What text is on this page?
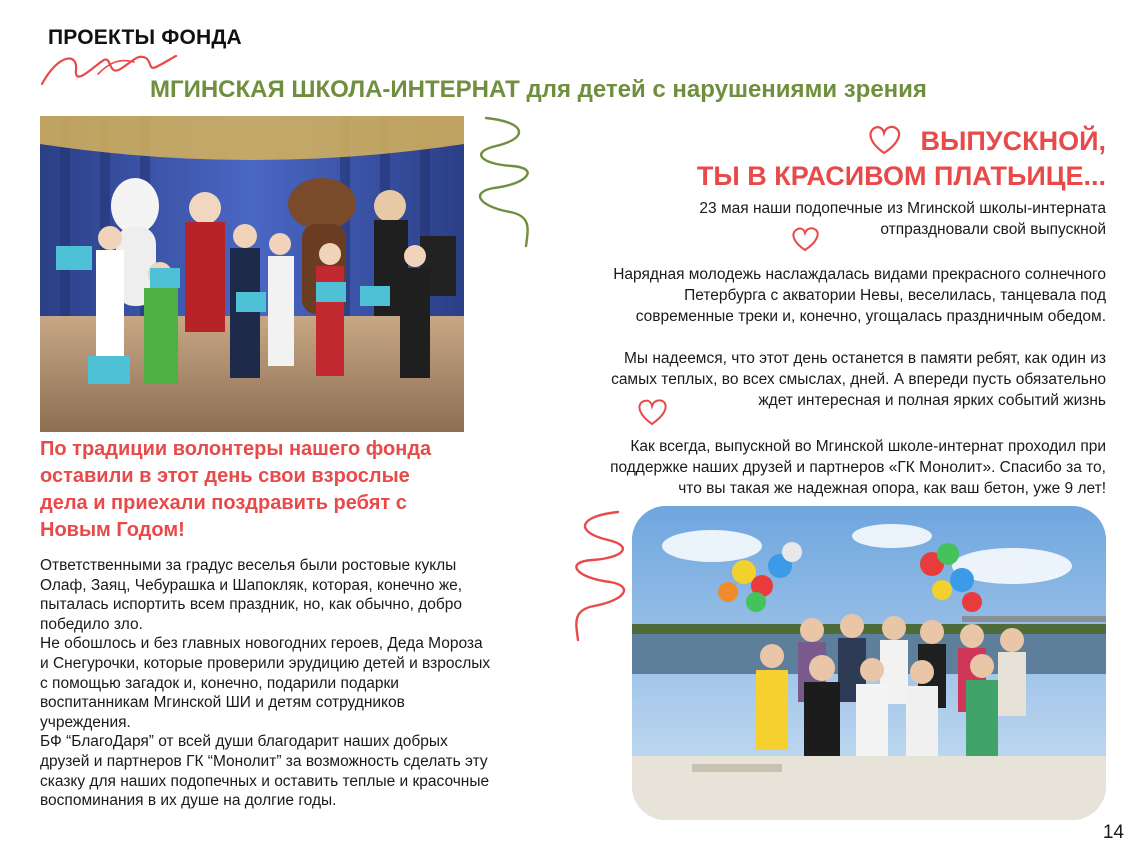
ПРОЕКТЫ ФОНДА
МГИНСКАЯ ШКОЛА-ИНТЕРНАТ для детей с нарушениями зрения
ВЫПУСКНОЙ,
ТЫ В КРАСИВОМ ПЛАТЬИЦЕ...
23 мая наши подопечные из Мгинской школы-интерната
отпраздновали свой выпускной
Нарядная молодежь наслаждалась видами прекрасного солнечного
Петербурга с акватории Невы, веселилась, танцевала под
современные треки и, конечно, угощалась праздничным обедом.
Мы надеемся, что этот день останется в памяти ребят, как один из
самых теплых, во всех смыслах, дней. А впереди пусть обязательно
ждет интересная и полная ярких событий жизнь
Как всегда, выпускной во Мгинской школе-интернат проходил при
поддержке наших друзей и партнеров «ГК Монолит». Спасибо за то,
что вы такая же надежная опора, как ваш бетон, уже 9 лет!
По традиции волонтеры нашего фонда
оставили в этот день свои взрослые
дела и приехали поздравить ребят с
Новым Годом!

Ответственными за градус веселья были ростовые куклы
Олаф, Заяц, Чебурашка и Шапокляк, которая, конечно же,
пыталась испортить всем праздник, но, как обычно, добро
победило зло.

Не обошлось и без главных новогодних героев, Деда Мороза
и Снегурочки, которые проверили эрудицию детей и взрослых
с помощью загадок и, конечно, подарили подарки
воспитанникам Мгинской ШИ и детям сотрудников
учреждения.

БФ “БлагоДаря” от всей души благодарит наших добрых
друзей и партнеров ГК “Монолит” за возможность сделать эту
сказку для наших подопечных и оставить теплые и красочные
воспоминания в их душе на долгие годы.

14
